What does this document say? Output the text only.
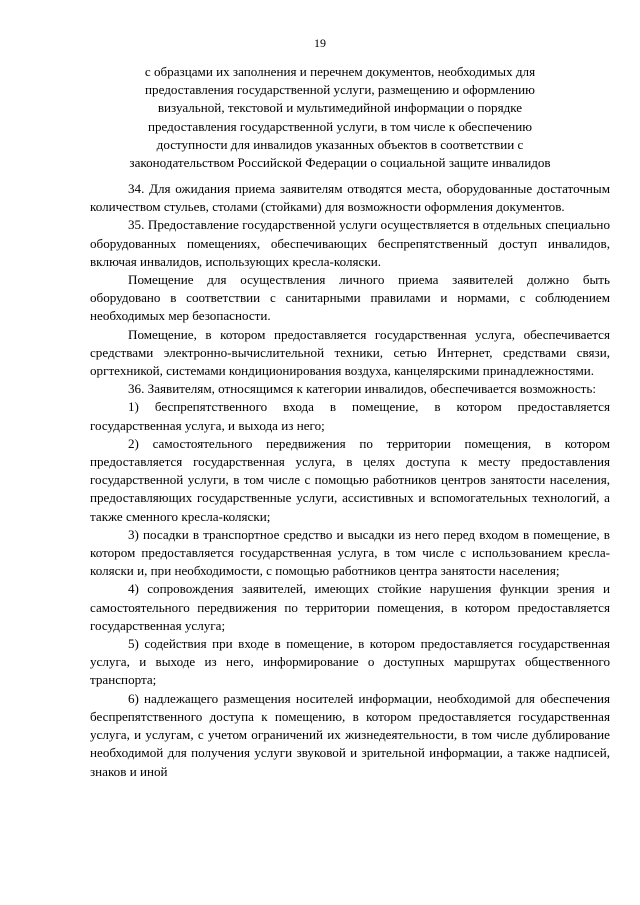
19
с образцами их заполнения и перечнем документов, необходимых для
предоставления государственной услуги, размещению и оформлению
визуальной, текстовой и мультимедийной информации о порядке
предоставления государственной услуги, в том числе к обеспечению
доступности для инвалидов указанных объектов в соответствии с
законодательством Российской Федерации о социальной защите инвалидов

34. Для ожидания приема заявителям отводятся места, оборудованные достаточным количеством стульев, столами (стойками) для возможности оформления документов.

35. Предоставление государственной услуги осуществляется в отдельных специально оборудованных помещениях, обеспечивающих беспрепятственный доступ инвалидов, включая инвалидов, использующих кресла-коляски.

Помещение для осуществления личного приема заявителей должно быть оборудовано в соответствии с санитарными правилами и нормами, с соблюдением необходимых мер безопасности.

Помещение, в котором предоставляется государственная услуга, обеспечивается средствами электронно-вычислительной техники, сетью Интернет, средствами связи, оргтехникой, системами кондиционирования воздуха, канцелярскими принадлежностями.

36. Заявителям, относящимся к категории инвалидов, обеспечивается возможность:

1) беспрепятственного входа в помещение, в котором предоставляется государственная услуга, и выхода из него;

2) самостоятельного передвижения по территории помещения, в котором предоставляется государственная услуга, в целях доступа к месту предоставления государственной услуги, в том числе с помощью работников центров занятости населения, предоставляющих государственные услуги, ассистивных и вспомогательных технологий, а также сменного кресла-коляски;

3) посадки в транспортное средство и высадки из него перед входом в помещение, в котором предоставляется государственная услуга, в том числе с использованием кресла-коляски и, при необходимости, с помощью работников центра занятости населения;

4) сопровождения заявителей, имеющих стойкие нарушения функции зрения и самостоятельного передвижения по территории помещения, в котором предоставляется государственная услуга;

5) содействия при входе в помещение, в котором предоставляется государственная услуга, и выходе из него, информирование о доступных маршрутах общественного транспорта;

6) надлежащего размещения носителей информации, необходимой для обеспечения беспрепятственного доступа к помещению, в котором предоставляется государственная услуга, и услугам, с учетом ограничений их жизнедеятельности, в том числе дублирование необходимой для получения услуги звуковой и зрительной информации, а также надписей, знаков и иной
